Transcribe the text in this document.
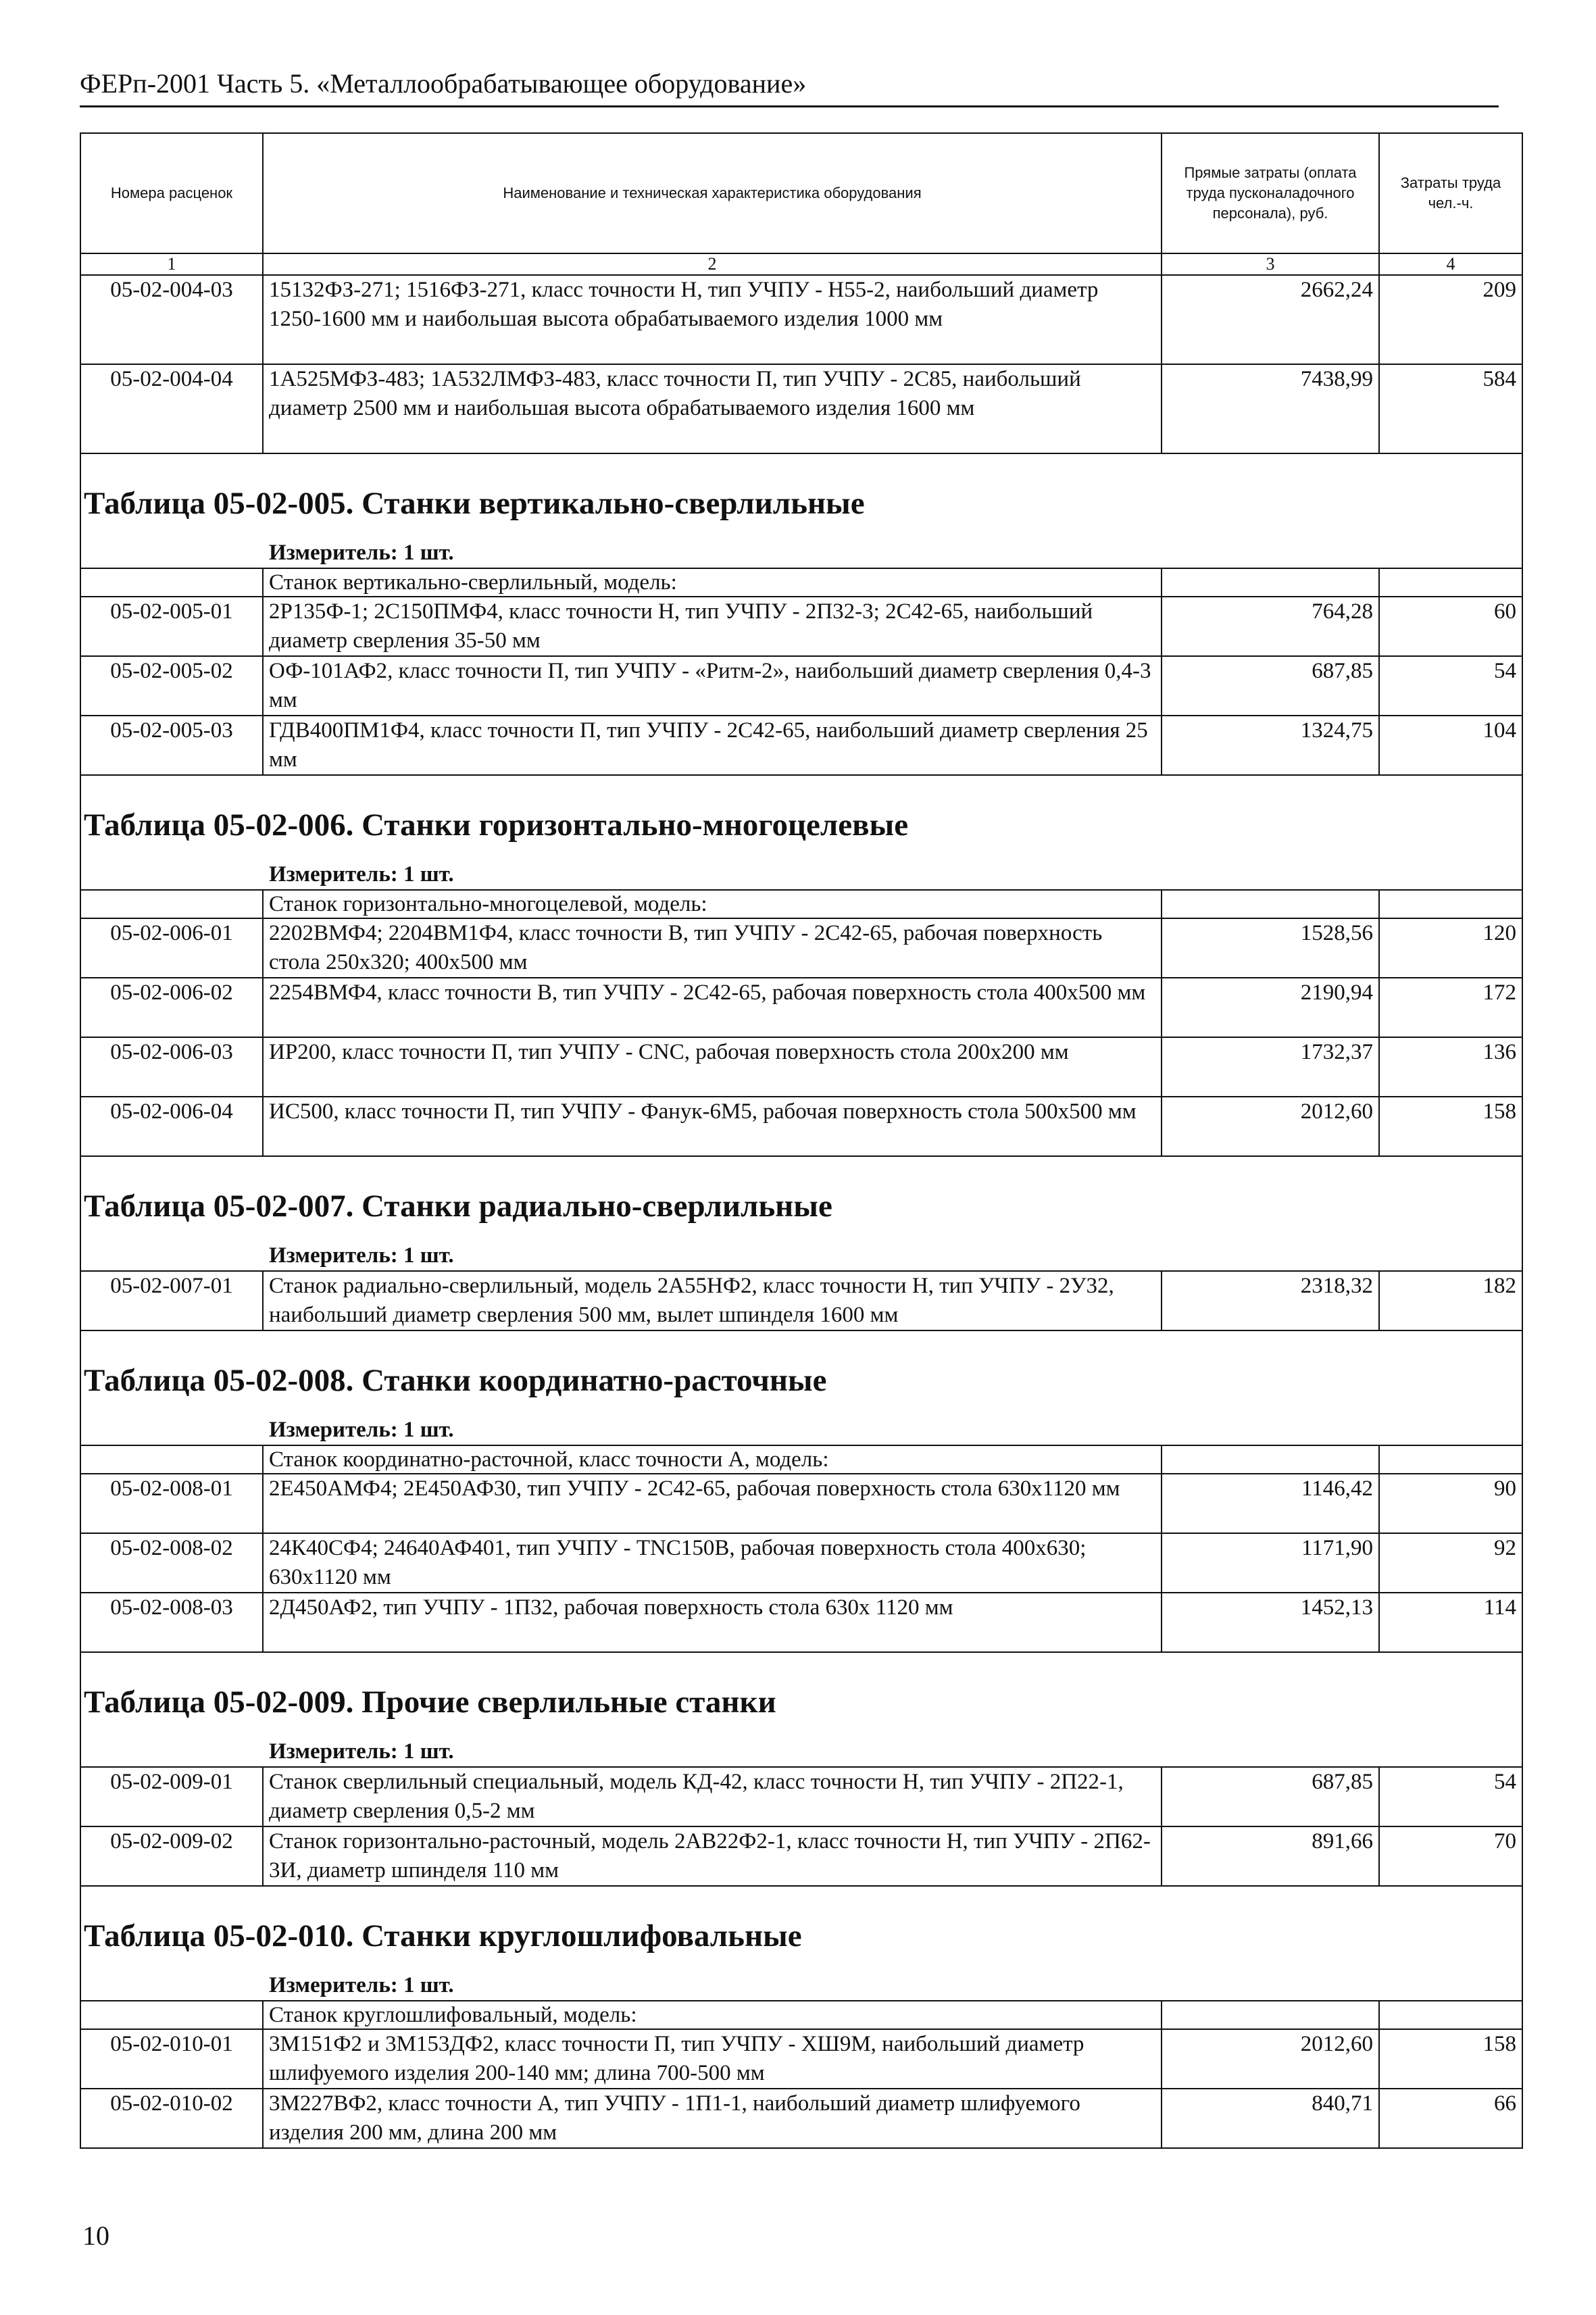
ФЕРп-2001 Часть 5. «Металлообрабатывающее оборудование»
Номера расценок	Наименование и техническая характеристика оборудования	Прямые затраты (оплата труда пусконаладочного персонала), руб.	Затраты труда чел.-ч.
1	2	3	4
05-02-004-03	15132ФЗ-271; 1516ФЗ-271, класс точности Н, тип УЧПУ - Н55-2, наибольший диаметр 1250-1600 мм и наибольшая высота обрабатываемого изделия 1000 мм	2662,24	209
05-02-004-04	1А525МФЗ-483; 1А532ЛМФЗ-483, класс точности П, тип УЧПУ - 2С85, наибольший диаметр 2500 мм и наибольшая высота обрабатываемого изделия 1600 мм	7438,99	584
Таблица 05-02-005. Станки вертикально-сверлильные			
Измеритель: 1 шт.			
	Станок вертикально-сверлильный, модель:		
05-02-005-01	2Р135Ф-1; 2С150ПМФ4, класс точности Н, тип УЧПУ - 2П32-3; 2С42-65, наибольший диаметр сверления 35-50 мм	764,28	60
05-02-005-02	ОФ-101АФ2, класс точности П, тип УЧПУ - «Ритм-2», наибольший диаметр сверления 0,4-3 мм	687,85	54
05-02-005-03	ГДВ400ПМ1Ф4, класс точности П, тип УЧПУ - 2С42-65, наибольший диаметр сверления 25 мм	1324,75	104
Таблица 05-02-006. Станки горизонтально-многоцелевые			
Измеритель: 1 шт.			
	Станок горизонтально-многоцелевой, модель:		
05-02-006-01	2202ВМФ4; 2204ВМ1Ф4, класс точности В, тип УЧПУ - 2С42-65, рабочая поверхность стола 250х320; 400х500 мм	1528,56	120
05-02-006-02	2254ВМФ4, класс точности В, тип УЧПУ - 2С42-65, рабочая поверхность стола 400х500 мм	2190,94	172
05-02-006-03	ИР200, класс точности П, тип УЧПУ - CNC, рабочая поверхность стола 200х200 мм	1732,37	136
05-02-006-04	ИС500, класс точности П, тип УЧПУ - Фанук-6М5, рабочая поверхность стола 500х500 мм	2012,60	158
Таблица 05-02-007. Станки радиально-сверлильные			
Измеритель: 1 шт.			
05-02-007-01	Станок радиально-сверлильный, модель 2А55НФ2, класс точности Н, тип УЧПУ - 2У32, наибольший диаметр сверления 500 мм, вылет шпинделя 1600 мм	2318,32	182
Таблица 05-02-008. Станки координатно-расточные			
Измеритель: 1 шт.			
	Станок координатно-расточной, класс точности А, модель:		
05-02-008-01	2Е450АМФ4; 2Е450АФ30, тип УЧПУ - 2С42-65, рабочая поверхность стола 630х1120 мм	1146,42	90
05-02-008-02	24К40СФ4; 24640АФ401, тип УЧПУ - TNC150B, рабочая поверхность стола 400х630; 630х1120 мм	1171,90	92
05-02-008-03	2Д450АФ2, тип УЧПУ - 1П32, рабочая поверхность стола 630х 1120 мм	1452,13	114
Таблица 05-02-009. Прочие сверлильные станки			
Измеритель: 1 шт.			
05-02-009-01	Станок сверлильный специальный, модель КД-42, класс точности Н, тип УЧПУ - 2П22-1, диаметр сверления 0,5-2 мм	687,85	54
05-02-009-02	Станок горизонтально-расточный, модель 2АВ22Ф2-1, класс точности Н, тип УЧПУ - 2П62-3И, диаметр шпинделя 110 мм	891,66	70
Таблица 05-02-010. Станки круглошлифовальные			
Измеритель: 1 шт.			
	Станок круглошлифовальный, модель:		
05-02-010-01	3М151Ф2 и 3М153ДФ2, класс точности П, тип УЧПУ - ХШ9М, наибольший диаметр шлифуемого изделия 200-140 мм; длина 700-500 мм	2012,60	158
05-02-010-02	3М227ВФ2, класс точности А, тип УЧПУ - 1П1-1, наибольший диаметр шлифуемого изделия 200 мм, длина 200 мм	840,71	66
10
